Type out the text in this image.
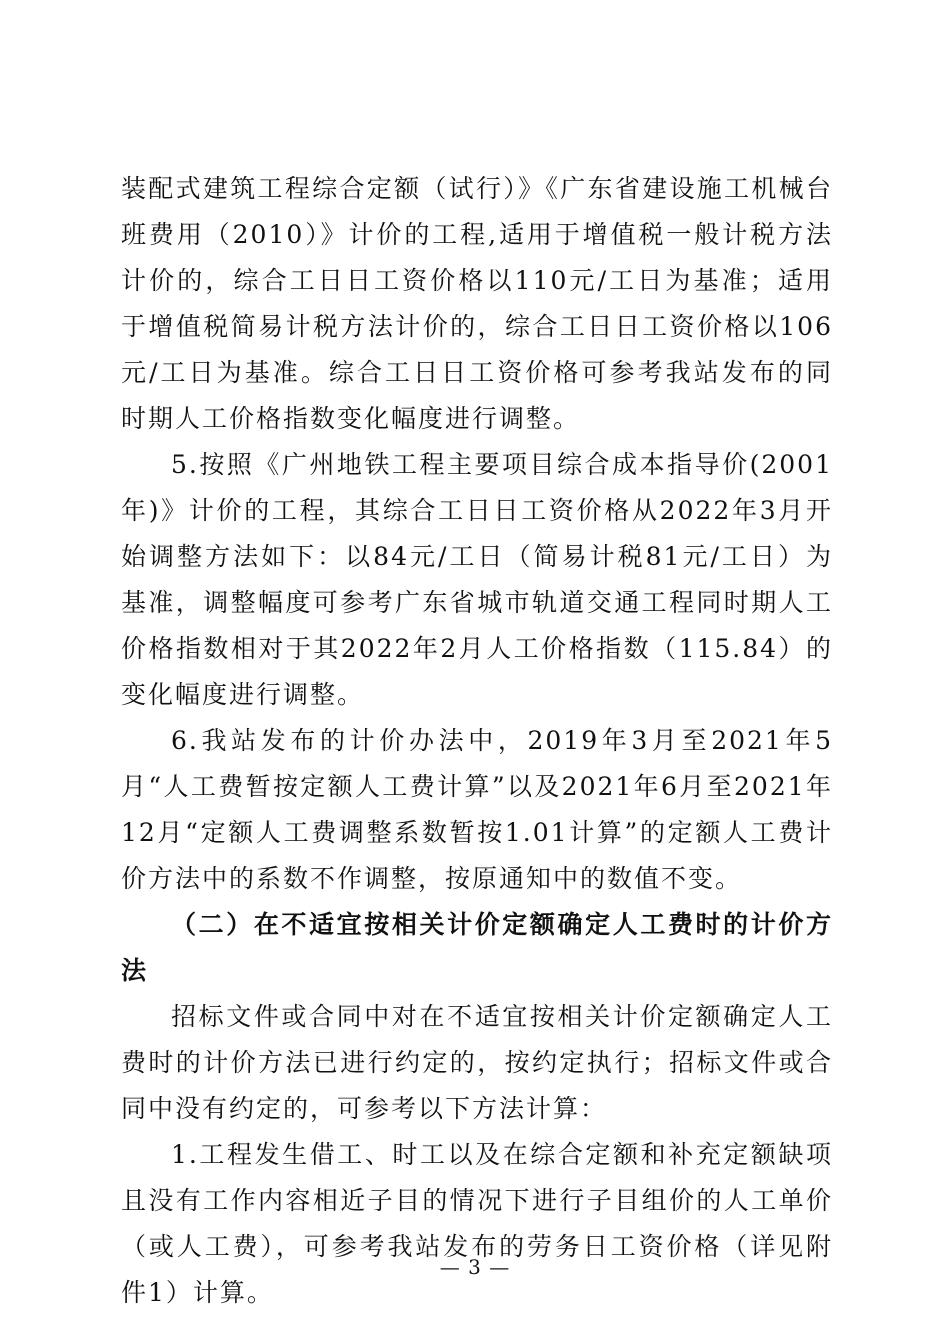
装配式建筑工程综合定额（试行）》《广东省建设施工机械台班费用（2010）》计价的工程,适用于增值税一般计税方法计价的，综合工日日工资价格以110元/工日为基准；适用于增值税简易计税方法计价的，综合工日日工资价格以106元/工日为基准。综合工日日工资价格可参考我站发布的同时期人工价格指数变化幅度进行调整。

5.按照《广州地铁工程主要项目综合成本指导价(2001年)》计价的工程，其综合工日日工资价格从2022年3月开始调整方法如下：以84元/工日（简易计税81元/工日）为基准，调整幅度可参考广东省城市轨道交通工程同时期人工价格指数相对于其2022年2月人工价格指数（115.84）的变化幅度进行调整。

6.我站发布的计价办法中，2019年3月至2021年5月“人工费暂按定额人工费计算”以及2021年6月至2021年12月“定额人工费调整系数暂按1.01计算”的定额人工费计价方法中的系数不作调整，按原通知中的数值不变。

（二）在不适宜按相关计价定额确定人工费时的计价方法

招标文件或合同中对在不适宜按相关计价定额确定人工费时的计价方法已进行约定的，按约定执行；招标文件或合同中没有约定的，可参考以下方法计算：

1.工程发生借工、时工以及在综合定额和补充定额缺项且没有工作内容相近子目的情况下进行子目组价的人工单价（或人工费），可参考我站发布的劳务日工资价格（详见附件1）计算。

— 3 —
